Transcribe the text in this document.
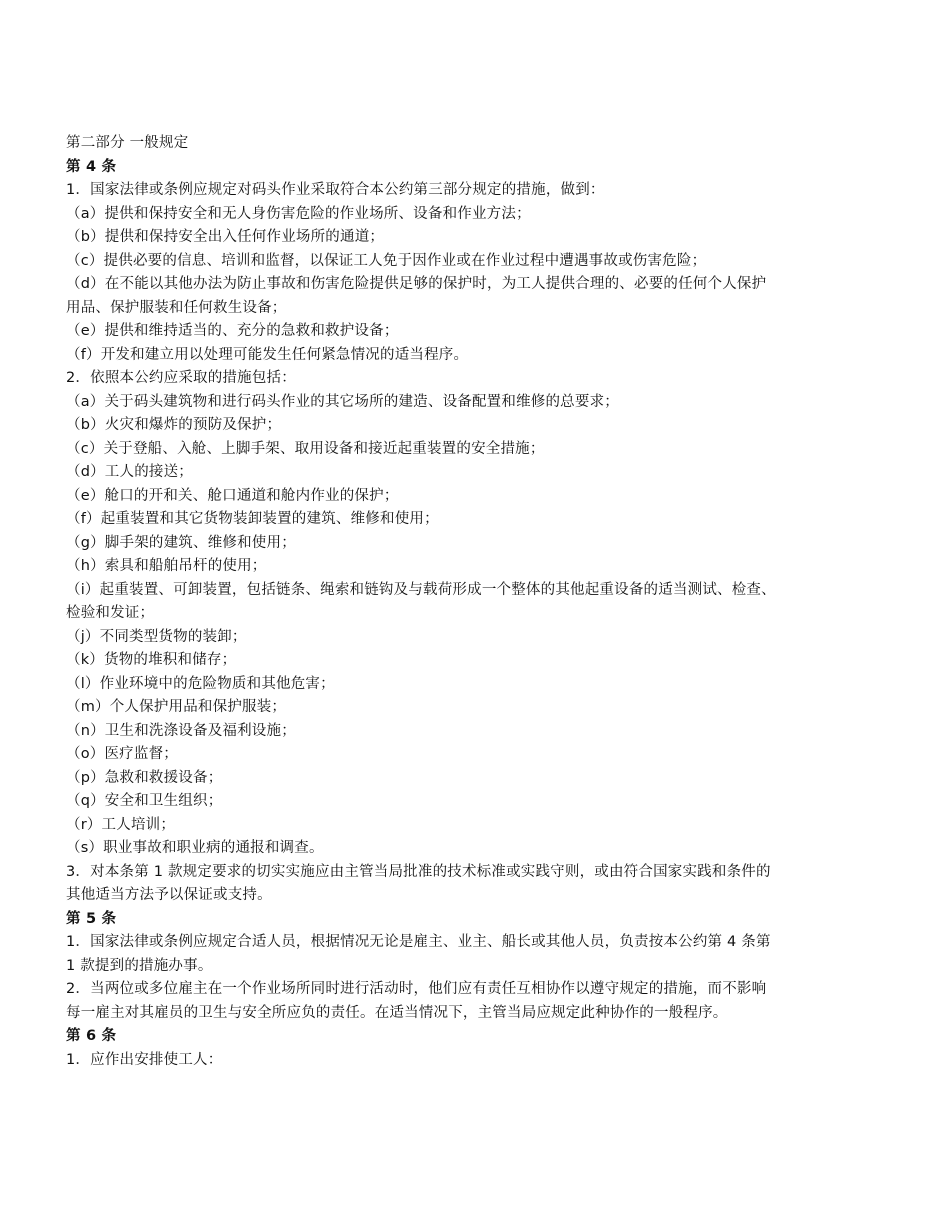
第二部分 一般规定
第 4 条
1．国家法律或条例应规定对码头作业采取符合本公约第三部分规定的措施，做到：
（a）提供和保持安全和无人身伤害危险的作业场所、设备和作业方法；
（b）提供和保持安全出入任何作业场所的通道；
（c）提供必要的信息、培训和监督，以保证工人免于因作业或在作业过程中遭遇事故或伤害危险；
（d）在不能以其他办法为防止事故和伤害危险提供足够的保护时，为工人提供合理的、必要的任何个人保护
用品、保护服装和任何救生设备；
（e）提供和维持适当的、充分的急救和救护设备；
（f）开发和建立用以处理可能发生任何紧急情况的适当程序。
2．依照本公约应采取的措施包括：
（a）关于码头建筑物和进行码头作业的其它场所的建造、设备配置和维修的总要求；
（b）火灾和爆炸的预防及保护；
（c）关于登船、入舱、上脚手架、取用设备和接近起重装置的安全措施；
（d）工人的接送；
（e）舱口的开和关、舱口通道和舱内作业的保护；
（f）起重装置和其它货物装卸装置的建筑、维修和使用；
（g）脚手架的建筑、维修和使用；
（h）索具和船舶吊杆的使用；
（i）起重装置、可卸装置，包括链条、绳索和链钩及与载荷形成一个整体的其他起重设备的适当测试、检查、
检验和发证；
（j）不同类型货物的装卸；
（k）货物的堆积和储存；
（l）作业环境中的危险物质和其他危害；
（m）个人保护用品和保护服装；
（n）卫生和洗涤设备及福利设施；
（o）医疗监督；
（p）急救和救援设备；
（q）安全和卫生组织；
（r）工人培训；
（s）职业事故和职业病的通报和调查。
3．对本条第 1 款规定要求的切实实施应由主管当局批准的技术标准或实践守则，或由符合国家实践和条件的
其他适当方法予以保证或支持。
第 5 条
1．国家法律或条例应规定合适人员，根据情况无论是雇主、业主、船长或其他人员，负责按本公约第 4 条第
1 款提到的措施办事。
2．当两位或多位雇主在一个作业场所同时进行活动时，他们应有责任互相协作以遵守规定的措施，而不影响
每一雇主对其雇员的卫生与安全所应负的责任。在适当情况下，主管当局应规定此种协作的一般程序。
第 6 条
1．应作出安排使工人：
